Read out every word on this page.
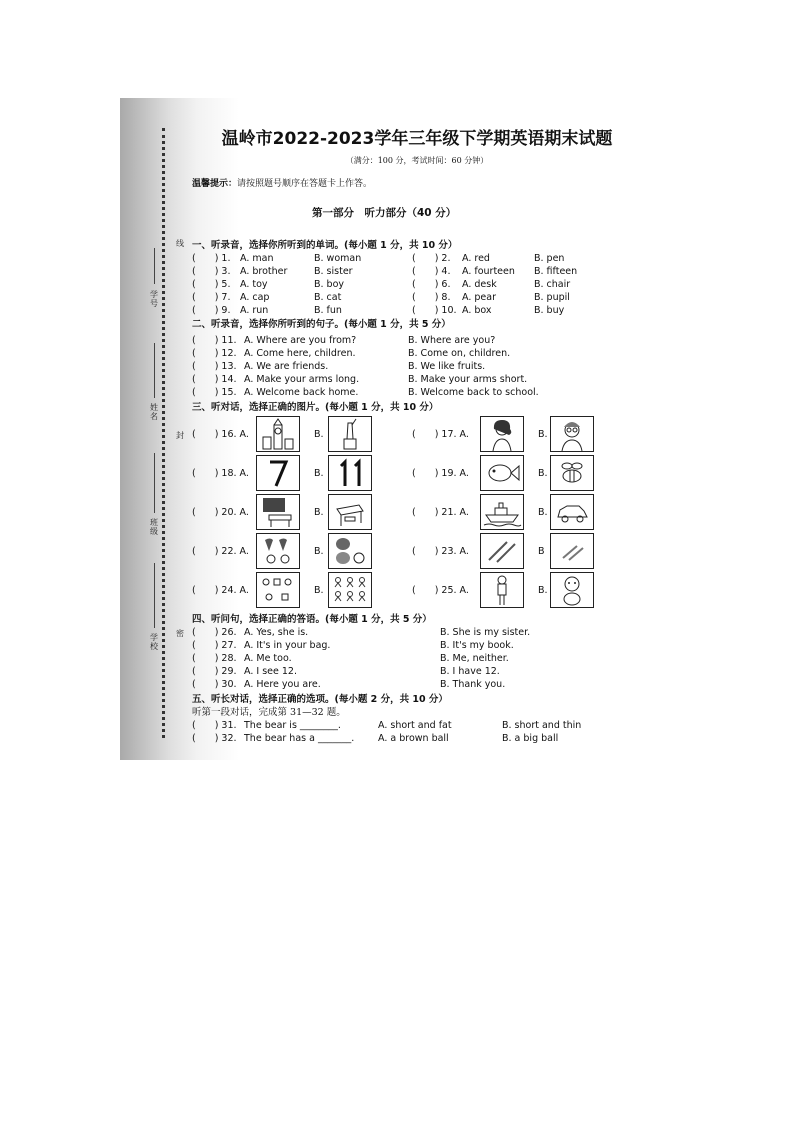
线
封
密
学号
姓名
班级
学校
温岭市2022-2023学年三年级下学期英语期末试题
（满分：100 分，考试时间：60 分钟）
温馨提示：请按照题号顺序在答题卡上作答。
第一部分　听力部分（40 分）
一、听录音，选择你所听到的单词。(每小题 1 分，共 10 分）
(　　) 1. A. man	B. woman	(　　) 2. A. red	B. pen
(　　) 3. A. brother	B. sister	(　　) 4. A. fourteen B. fifteen
(　　) 5. A. toy	B. boy	(　　) 6. A. desk	B. chair
(　　) 7. A. cap	B. cat	(　　) 8. A. pear	B. pupil
(　　) 9. A. run	B. fun	(　　) 10. A. box	B. buy
二、听录音，选择你所听到的句子。(每小题 1 分，共 5 分）
(　　) 11. A. Where are you from?	B. Where are you?
(　　) 12. A. Come here, children.	B. Come on, children.
(　　) 13. A. We are friends.	B. We like fruits.
(　　) 14. A. Make your arms long.	B. Make your arms short.
(　　) 15. A. Welcome back home.	B. Welcome back to school.
三、听对话，选择正确的图片。(每小题 1 分，共 10 分）
(　　) 16. A.	B.	(　　) 17. A.	B.
(　　) 18. A.	B.	(　　) 19. A.	B.
(　　) 20. A.	B.	(　　) 21. A.	B.
(　　) 22. A.	B.	(　　) 23. A.	B
(　　) 24. A.	B.	(　　) 25. A.	B.
四、听问句，选择正确的答语。(每小题 1 分，共 5 分）
(　　) 26. A. Yes, she is.	B. She is my sister.
(　　) 27. A. It's in your bag.	B. It's my book.
(　　) 28. A. Me too.	B. Me, neither.
(　　) 29. A. I see 12.	B. I have 12.
(　　) 30. A. Here you are.	B. Thank you.
五、听长对话，选择正确的选项。(每小题 2 分，共 10 分）
听第一段对话，完成第 31—32 题。
(　　) 31. The bear is ________.	A. short and fat	B. short and thin
(　　) 32. The bear has a _______.	A. a brown ball	B. a big ball
